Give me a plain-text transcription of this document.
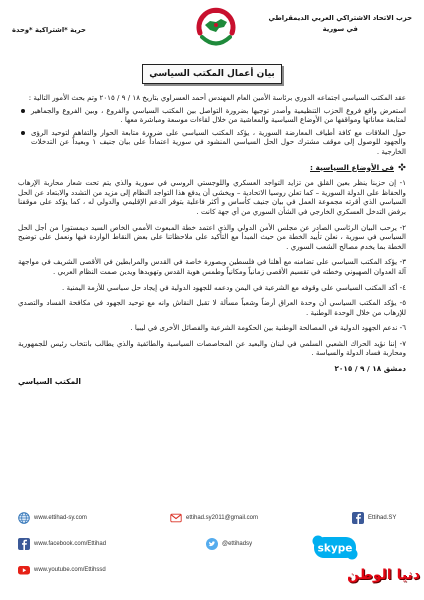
حزب الاتحاد الاشتراكي العربي الديمقراطي
في سورية
حرية *اشتراكية *وحدة
بيان أعمال المكتب السياسي

عقد المكتب السياسي اجتماعه الدوري برئاسة الأمين العام المهندس أحمد العسراوي بتاريخ ١٨ / ٩ / ٢٠١٥ وتم بحث الأمور التالية :

استعرض واقع فروع الحزب التنظيمية وأصدر توجيها بضرورة التواصل بين المكتب السياسي والفروع ، وبين الفروع والجماهير لمتابعة معاناتها ومواقفها من الأوضاع السياسية والمعاشية من خلال لقاءات موسعة ومباشرة معها .
حول العلاقات مع كافة أطياف المعارضة السورية ، يؤكد المكتب السياسي على ضرورة متابعة الحوار والتفاهم لتوحيد الرؤى والجهود للوصول إلى موقف مشترك حول الحل السياسي المنشود في سورية اعتماداً على بيان جنيف ١ وبعيداً عن التدخلات الخارجية .
في الأوضاع السياسية :

١- إن حزبنا ينظر بعين القلق من تزايد التواجد العسكري واللوجستي الروسي في سورية والذي يتم تحت شعار محاربة الإرهاب والحفاظ على الدولة السورية – كما تعلن روسيا الاتحادية – ويخشى أن يدفع هذا التواجد النظام إلى مزيد من التشدد والابتعاد عن الحل السياسي الذي أقرته مجموعة العمل في بيان جنيف كأساس و أكثر فاعلية بتوفر الدعم الإقليمي والدولي له ، كما يؤكد على موقفنا برفض التدخل العسكري الخارجي في الشأن السوري من أي جهة كانت .

٢- يرحب البيان الرئاسي الصادر عن مجلس الأمن الدولي والذي اعتمد خطة المبعوث الأممي الخاص السيد ديمستورا من أجل الحل السياسي في سورية ، نعلن تأييد الخطة من حيث المبدأ مع التأكيد على ملاحظاتنا على بعض النقاط الواردة فيها ونعمل على توضيح الخطة بما يخدم مصالح الشعب السوري .

٣- يؤكد المكتب السياسي على تضامنه مع أهلنا في فلسطين وبصورة خاصة في القدس والمرابطين في الأقصى الشريف في مواجهة آلة العدوان الصهيوني وخطته في تقسيم الأقصى زمانياً ومكانياً وطمس هوية القدس وتهويدها ويدين صمت النظام العربي .

٤- أكد المكتب السياسي على وقوفه مع الشرعية في اليمن ودعمه للجهود الدولية في إيجاد حل سياسي للأزمة اليمنية .

٥- يؤكد المكتب السياسي أن وحدة العراق أرضاً وشعباً مسألة لا تقبل النقاش وانه مع توحيد الجهود في مكافحة الفساد والتصدي للإرهاب من خلال الوحدة الوطنية .

٦- ندعم الجهود الدولية في المصالحة الوطنية بين الحكومة الشرعية والفصائل الأخرى في ليبيا .

٧- إننا نؤيد الحراك الشعبي السلمي في لبنان والبعيد عن المحاصصات السياسية والطائفية والذي يطالب بانتخاب رئيس للجمهورية ومحاربة فساد الدولة والسياسة .

دمشق ١٨ / ٩ / ٢٠١٥
المكتب السياسي
www.ettihad-sy.com	ettihad.sy2011@gmail.com	Ettihad.SY
www.facebook.com/Ettihad	@ettihadsy	skype
www.youtube.com/Ettihssd	دنيا الوطن
